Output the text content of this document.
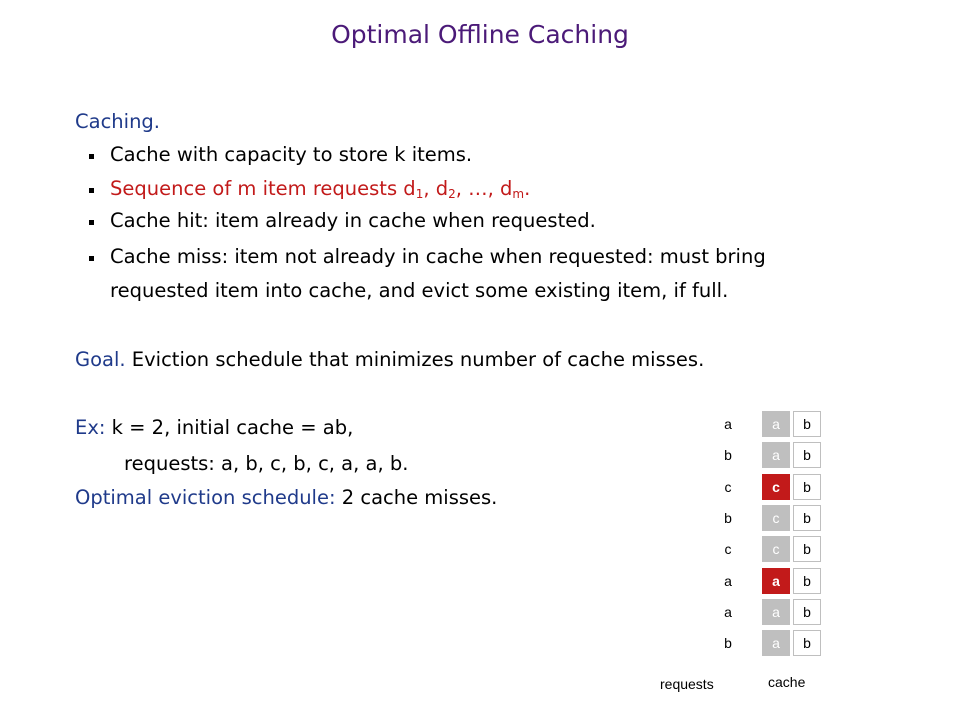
Optimal Offline Caching
Caching.
Cache with capacity to store k items.
Sequence of m item requests $d_1$, $d_2$, …, $d_m$.
Cache hit: item already in cache when requested.
Cache miss: item not already in cache when requested: must bring
requested item into cache, and evict some existing item, if full.
Goal. Eviction schedule that minimizes number of cache misses.
Ex: k = 2, initial cache = ab,
requests: a, b, c, b, c, a, a, b.
Optimal eviction schedule: 2 cache misses.
a	a	b
b	a	b
c	c	b
b	c	b
c	c	b
a	a	b
a	a	b
b	a	b
requests	cache
